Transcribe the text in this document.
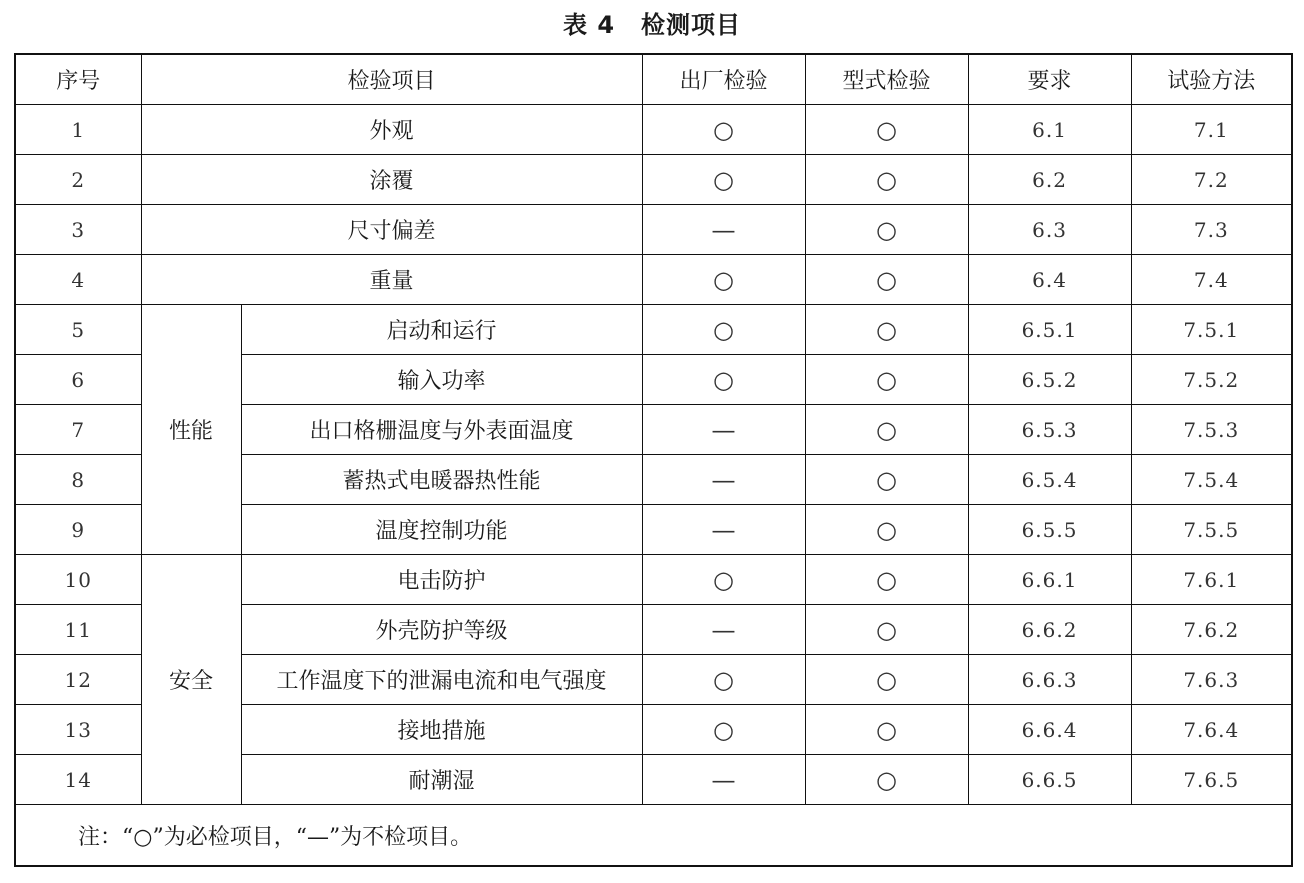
表 4 检测项目
序号	检验项目		出厂检验	型式检验	要求	试验方法
1	外观		○	○	6.1	7.1
2	涂覆		○	○	6.2	7.2
3	尺寸偏差		—	○	6.3	7.3
4	重量		○	○	6.4	7.4
5	性能	启动和运行	○	○	6.5.1	7.5.1
6		输入功率	○	○	6.5.2	7.5.2
7		出口格栅温度与外表面温度	—	○	6.5.3	7.5.3
8		蓄热式电暖器热性能	—	○	6.5.4	7.5.4
9		温度控制功能	—	○	6.5.5	7.5.5
10	安全	电击防护	○	○	6.6.1	7.6.1
11		外壳防护等级	—	○	6.6.2	7.6.2
12		工作温度下的泄漏电流和电气强度	○	○	6.6.3	7.6.3
13		接地措施	○	○	6.6.4	7.6.4
14		耐潮湿	—	○	6.6.5	7.6.5
注：“○”为必检项目，“—”为不检项目。						
